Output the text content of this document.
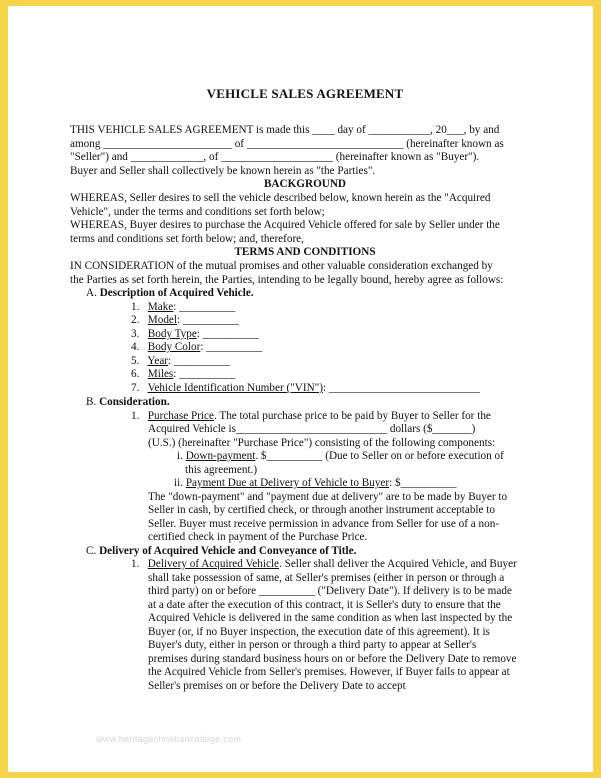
VEHICLE SALES AGREEMENT
THIS VEHICLE SALES AGREEMENT is made this ____ day of ___________, 20___, by and
among _______________________ of ____________________________ (hereinafter known as
"Seller") and _____________, of ____________________ (hereinafter known as "Buyer").
Buyer and Seller shall collectively be known herein as "the Parties".
BACKGROUND
WHEREAS, Seller desires to sell the vehicle described below, known herein as the "Acquired
Vehicle", under the terms and conditions set forth below;
WHEREAS, Buyer desires to purchase the Acquired Vehicle offered for sale by Seller under the
terms and conditions set forth below; and, therefore,
TERMS AND CONDITIONS
IN CONSIDERATION of the mutual promises and other valuable consideration exchanged by
the Parties as set forth herein, the Parties, intending to be legally bound, hereby agree as follows:
A. Description of Acquired Vehicle.
1. Make: __________
2. Model: __________
3. Body Type: __________
4. Body Color: __________
5. Year: __________
6. Miles: __________
7. Vehicle Identification Number ("VIN"): ___________________________
B. Consideration.
1. Purchase Price. The total purchase price to be paid by Buyer to Seller for the
Acquired Vehicle is___________________________ dollars ($_______)
(U.S.) (hereinafter "Purchase Price") consisting of the following components:
i. Down-payment. $__________ (Due to Seller on or before execution of
this agreement.)
ii. Payment Due at Delivery of Vehicle to Buyer: $__________
The "down-payment" and "payment due at delivery" are to be made by Buyer to
Seller in cash, by certified check, or through another instrument acceptable to
Seller. Buyer must receive permission in advance from Seller for use of a non-
certified check in payment of the Purchase Price.
C. Delivery of Acquired Vehicle and Conveyance of Title.
1. Delivery of Acquired Vehicle. Seller shall deliver the Acquired Vehicle, and Buyer
shall take possession of same, at Seller's premises (either in person or through a
third party) on or before __________ ("Delivery Date"). If delivery is to be made
at a date after the execution of this contract, it is Seller's duty to ensure that the
Acquired Vehicle is delivered in the same condition as when last inspected by the
Buyer (or, if no Buyer inspection, the execution date of this agreement). It is
Buyer's duty, either in person or through a third party to appear at Seller's
premises during standard business hours on or before the Delivery Date to remove
the Acquired Vehicle from Seller's premises. However, if Buyer fails to appear at
Seller's premises on or before the Delivery Date to accept
www.heritagechristiancollege.com
